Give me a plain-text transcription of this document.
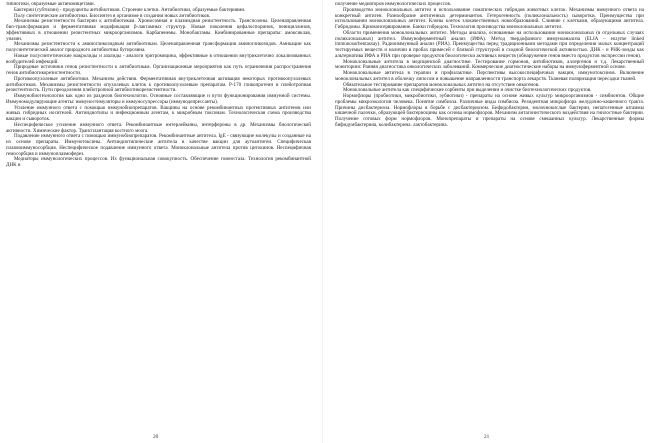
тибиотики, образуемые актиномицетами.

Бактерии (субтилин) - продуценты антибиотиков. Строение клетки. Антибиотики, образуемые бактериями.

Полу синтетические антибиотики. Биосинтез в организме в создании новых антибиотиков.

Механизмы резистентности бактерии к антибиотикам. Хромосомная и плазмидная резистентность. Транспозоны. Целенаправленная био-трансформация и ферментативная модификация β-лактамных структур. Новые поколения цефалоспоринов, пенициллинов, эффективных в отношении резистентных микроорганизмов. Карбапенемы. Монобактамы. Комбинированные препараты: амоксиклав, уназин.

Механизмы резистентности к аминогликозидным антибиотикам. Целенаправленная трансформация аминогликозидов. Амикацин как полусинтетический аналог природного антибиотика бутирозина.

Новые полусинтетические макролиды и азалиды - аналоги эритромицина, эффективные в отношении внутриклеточно локализованных возбудителей инфекций.

Природные источники генов резистентности к антибиотикам. Организационные мероприятия как путь ограничения распространения генов антибиотикорезистентности.

Противоопухолевые антибиотики. Механизм действия. Ферментативная внутриклеточная активация некоторых противоопухолевых антибиотиков. Механизмы резистентности опухолевых клеток к противоопухолевым препаратам. Р-170 гликопротеин и плейотропная резистентность. Пути преодоления плейотропной антибиотикорезистентности.

Иммунобиотехнология как одно из разделов биотехнологии. Основные составляющие и пути функционирования иммунной системы. Иммуномодулирующие агенты: иммуностимуляторы и иммуносупрессоры (иммунодепрессанты).

Усиление иммунного ответа с помощью иммунобиопрепаратов. Вакцины на основе рекомбинантных протективных антигенов или живых гибридных носителей. Антиидиотипы и инфекционным агентам, к микробным токсинам. Технологическая схема производства вакцин и сывороток.

Неспецифическое усиление иммунного ответа. Рекомбинантные интерлейкины, интерфероны в др. Механизмы биологической активности. Химические фактор. Трансплантация костного мозга.

Подавление иммунного ответа с помощью иммунобиопрепаратов. Рекомбинантные антитела. IgE - связующие молекулы и созданные на их основе препараты. Иммунотоксины. Антиидиотипические антитела в качестве вакцин для аутоантиген. Специфическая плазмоиммуносорбция. Неспецифическое подавление иммунного ответа. Моноклональные антитела против цитокинов. Неспецифичная гемосорбция и иммуноплазмоферез.

Медиаторы иммунологических процессов. Их функциональная совокупность. Обеспечение гомеостаза. Технология рекомбинантной ДНК и

20

получение медиаторов иммунологических процессов.

Производство моноклональных антител и использование соматических гибридов животных клеток. Механизмы иммунного ответа на конкретный антиген. Разнообразие антигенных детерминантов. Гетерогенность (поликлональность) сыворотки. Преимущества при использовании моноклональных антител. Клоны клеток злокачественных новообразований. Слияние с клетками, образующими антитела. Гибридомы. Криоконсервирование. Банки гибридом. Технология производства моноклональных антител.

Области применения моноклональных антител. Методы анализа, основанные на использовании моноклональных (в отдельных случаях поликлональных) антител. Иммуноферментный анализ (ИФА). Метод твердофазного иммуноанализа (ELIA – enzyme linked immunosorbentassay). Радиоиммунный анализ (РИА). Преимущества перед традиционными методами при определении малых концентраций тестируемых веществ и наличии в пробах примесей с близкой структурой и сходной биологической активностью. ДНК - и РНК-зонды как альтернатива ИФА и РИА при проверке продуктов биологически активных веществ (обнаружение генов вместо продуктов экспрессии генов).

Моноклональные антитела в медицинской диагностике. Тестирование гормонов, антибиотиков, аллергенов и т.д. Лекарственный мониторинг. Ранняя диагностика онкологических заболеваний. Коммерческие диагностические наборы на иммуноферментной основе.

Моноклональные антитела в терапии и профилактике. Перспективы высокоспецифичных вакцин, иммунотоксинов. Включение моноклональных антител в оболочку липосом и повышение направленности транспорта лекарств. Тканевая поляризация пересадки тканей.

Обязательное тестирование препаратов моноклональных антител на отсутствие онкогенов.

Моноклональные антитела как специфические сорбенты при выделении и очистке биотехнологических продуктов.

Нормофлоры (пробиотики, микробиотики, эубиотики) - препараты на основе живых культур микроорганизмов - симбионтов. Общие проблемы микроэкологии человека. Понятие симбиоза. Различные виды симбиоза. Резидентная микрофлора желудочно-кишечного тракта. Причины дисбактериоза. Нормофлоры в борьбе с дисбактериозом. Бифидобактерии, молочнокислые бактерии, непатогенные штаммы кишечной палочки, образующей бактериоцины как основа нормофлоров. Механизм антагонистического воздействия на гнилостные бактерии. Получение готовых форм нормофлоров. Монопрепараты и препараты на основе смешанных культур. Лекарственные формы бифидумбактерина, колибактерина. лактобактерина.

21
